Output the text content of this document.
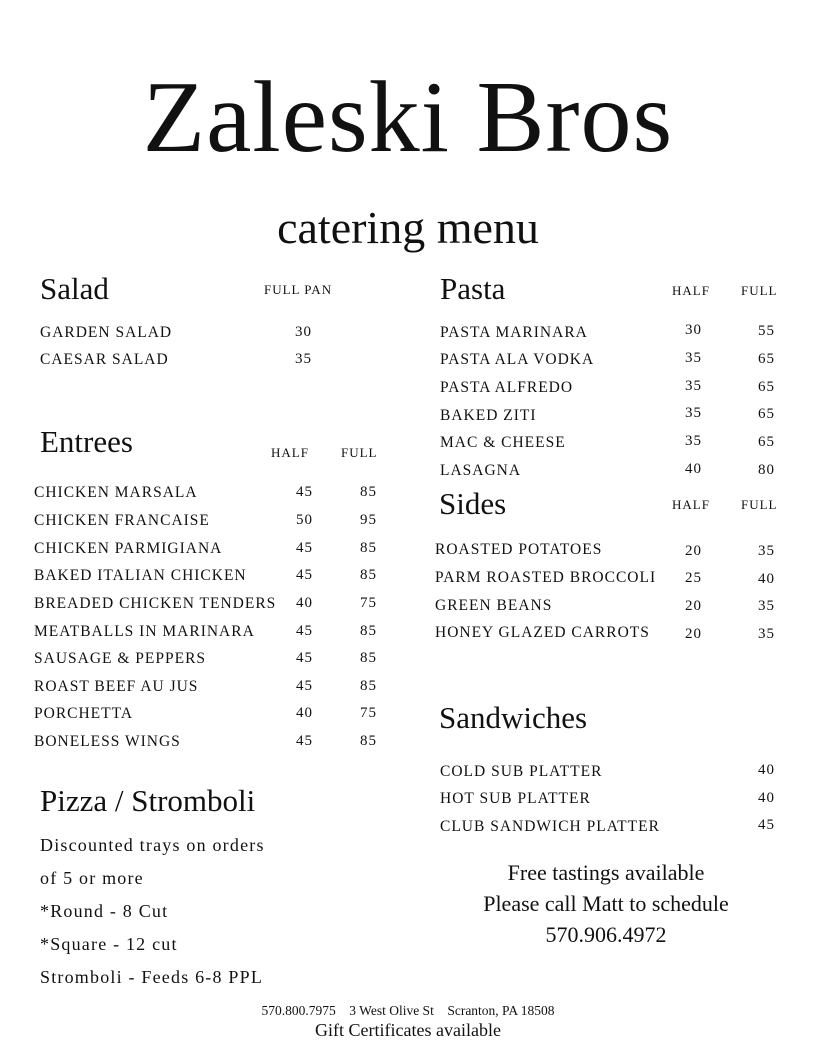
Zaleski Bros
catering menu
Salad	FULL PAN
GARDEN SALAD	30
CAESAR SALAD	35
Entrees	HALF FULL
CHICKEN MARSALA	45	85
CHICKEN FRANCAISE	50	95
CHICKEN PARMIGIANA	45	85
BAKED ITALIAN CHICKEN	45	85
BREADED CHICKEN TENDERS	40	75
MEATBALLS IN MARINARA	45	85
SAUSAGE & PEPPERS	45	85
ROAST BEEF AU JUS	45	85
PORCHETTA	40	75
BONELESS WINGS	45	85
Pizza / Stromboli
Discounted trays on orders
of 5 or more
*Round - 8 Cut
*Square - 12 cut
Stromboli - Feeds 6-8 PPL
Pasta	HALF FULL
PASTA MARINARA	30	55
PASTA ALA VODKA	35	65
PASTA ALFREDO	35	65
BAKED ZITI	35	65
MAC & CHEESE	35	65
LASAGNA	40	80
Sides	HALF FULL
ROASTED POTATOES	20	35
PARM ROASTED BROCCOLI	25	40
GREEN BEANS	20	35
HONEY GLAZED CARROTS	20	35
Sandwiches
COLD SUB PLATTER	40
HOT SUB PLATTER	40
CLUB SANDWICH PLATTER	45
Free tastings available
Please call Matt to schedule
570.906.4972
570.800.7975    3 West Olive St    Scranton, PA 18508
Gift Certificates available
